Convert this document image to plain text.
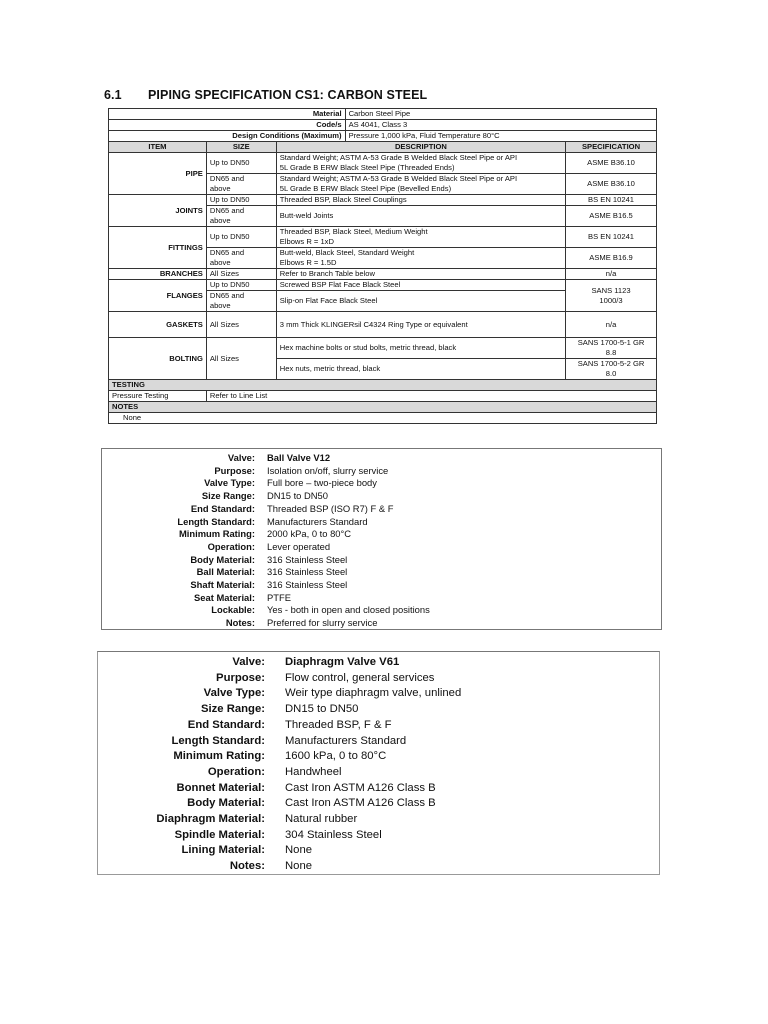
6.1 PIPING SPECIFICATION CS1: CARBON STEEL
Material	Carbon Steel Pipe
Code/s	AS 4041, Class 3
Design Conditions (Maximum)	Pressure 1,000 kPa, Fluid Temperature 80°C
ITEM	SIZE	DESCRIPTION	SPECIFICATION
PIPE	Up to DN50	Standard Weight; ASTM A-53 Grade B Welded Black Steel Pipe or API
5L Grade B ERW Black Steel Pipe (Threaded Ends)	ASME B36.10
	DN65 and
above	Standard Weight; ASTM A-53 Grade B Welded Black Steel Pipe or API
5L Grade B ERW Black Steel Pipe (Bevelled Ends)	ASME B36.10
JOINTS	Up to DN50	Threaded BSP, Black Steel Couplings	BS EN 10241
	DN65 and
above	Butt-weld Joints	ASME B16.5
FITTINGS	Up to DN50	Threaded BSP, Black Steel, Medium Weight
Elbows R = 1xD	BS EN 10241
	DN65 and
above	Butt-weld, Black Steel, Standard Weight
Elbows R = 1.5D	ASME B16.9
BRANCHES	All Sizes	Refer to Branch Table below	n/a
FLANGES	Up to DN50	Screwed BSP Flat Face Black Steel	SANS 1123
1000/3
	DN65 and
above	Slip-on Flat Face Black Steel	
GASKETS	All Sizes	3 mm Thick KLINGERsil C4324 Ring Type or equivalent	n/a
BOLTING	All Sizes	Hex machine bolts or stud bolts, metric thread, black	SANS 1700-5-1 GR
8.8
		Hex nuts, metric thread, black	SANS 1700-5-2 GR
8.0
TESTING			
Pressure Testing	Refer to Line List		
NOTES			
None			
Valve: Ball Valve V12
Purpose: Isolation on/off, slurry service
Valve Type: Full bore – two-piece body
Size Range: DN15 to DN50
End Standard: Threaded BSP (ISO R7) F & F
Length Standard: Manufacturers Standard
Minimum Rating: 2000 kPa, 0 to 80°C
Operation: Lever operated
Body Material: 316 Stainless Steel
Ball Material: 316 Stainless Steel
Shaft Material: 316 Stainless Steel
Seat Material: PTFE
Lockable: Yes - both in open and closed positions
Notes: Preferred for slurry service
Valve: Diaphragm Valve V61
Purpose: Flow control, general services
Valve Type: Weir type diaphragm valve, unlined
Size Range: DN15 to DN50
End Standard: Threaded BSP, F & F
Length Standard: Manufacturers Standard
Minimum Rating: 1600 kPa, 0 to 80°C
Operation: Handwheel
Bonnet Material: Cast Iron ASTM A126 Class B
Body Material: Cast Iron ASTM A126 Class B
Diaphragm Material: Natural rubber
Spindle Material: 304 Stainless Steel
Lining Material: None
Notes: None
